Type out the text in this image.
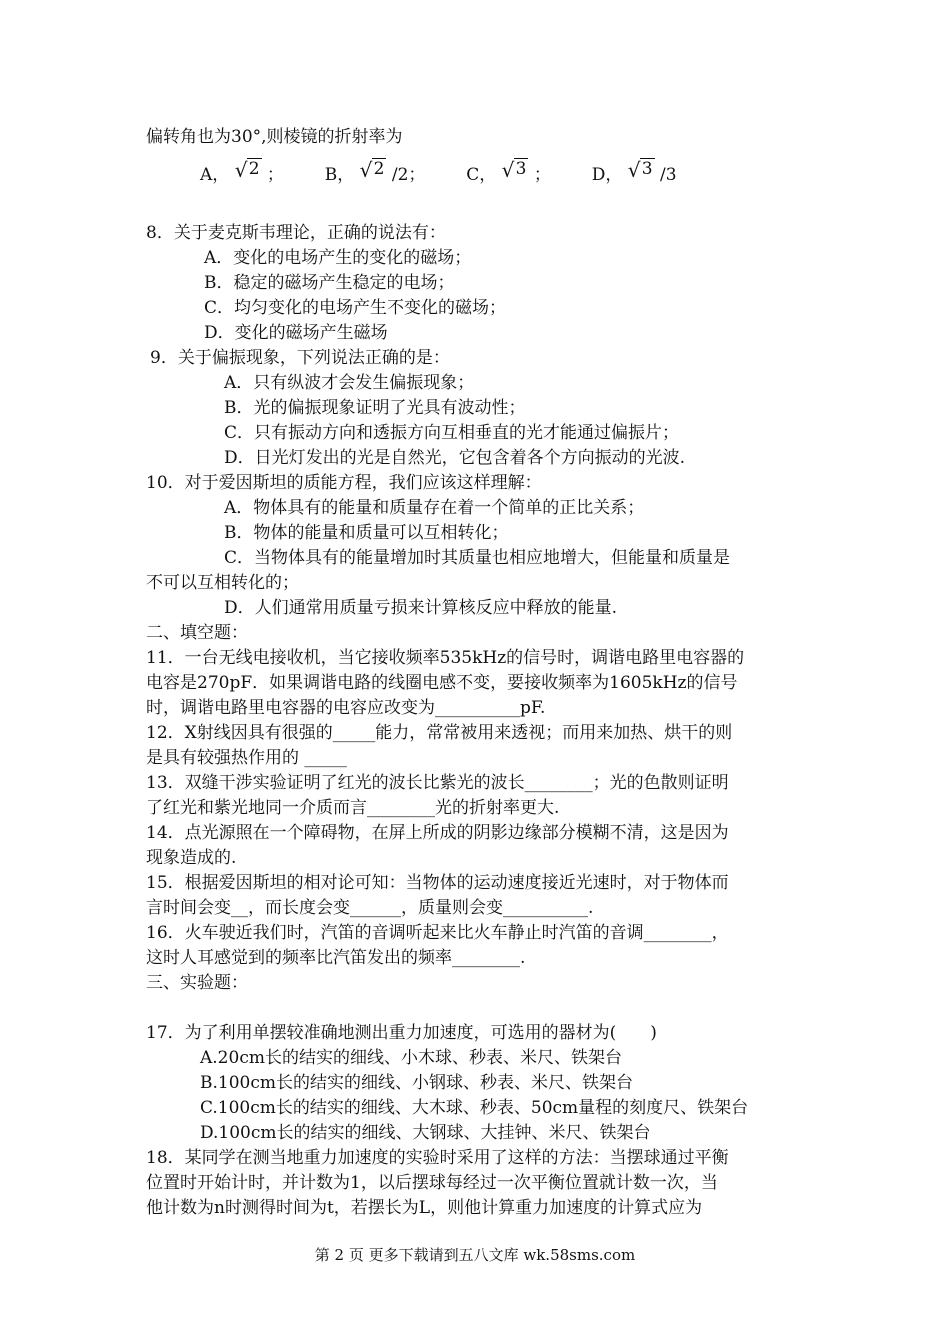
偏转角也为30°,则棱镜的折射率为
A， √ 2 ； B， √ 2 /2； C， √ 3 ； D， √ 3 /3
8．关于麦克斯韦理论，正确的说法有：
A．变化的电场产生的变化的磁场；
B．稳定的磁场产生稳定的电场；
C．均匀变化的电场产生不变化的磁场；
D．变化的磁场产生磁场
9．关于偏振现象，下列说法正确的是：
A．只有纵波才会发生偏振现象；
B．光的偏振现象证明了光具有波动性；
C．只有振动方向和透振方向互相垂直的光才能通过偏振片；
D．日光灯发出的光是自然光，它包含着各个方向振动的光波.
10．对于爱因斯坦的质能方程，我们应该这样理解：
A．物体具有的能量和质量存在着一个简单的正比关系；
B．物体的能量和质量可以互相转化；
C．当物体具有的能量增加时其质量也相应地增大，但能量和质量是
不可以互相转化的；
D．人们通常用质量亏损来计算核反应中释放的能量.
二、填空题：
11．一台无线电接收机，当它接收频率535kHz的信号时，调谐电路里电容器的
电容是270pF．如果调谐电路的线圈电感不变，要接收频率为1605kHz的信号
时，调谐电路里电容器的电容应改变为__________pF.
12．X射线因具有很强的_____能力，常常被用来透视；而用来加热、烘干的则
是具有较强热作用的 _____
13．双缝干涉实验证明了红光的波长比紫光的波长________；光的色散则证明
了红光和紫光地同一介质而言________光的折射率更大.
14．点光源照在一个障碍物，在屏上所成的阴影边缘部分模糊不清，这是因为
现象造成的.
15．根据爱因斯坦的相对论可知：当物体的运动速度接近光速时，对于物体而
言时间会变__，而长度会变______，质量则会变__________.
16．火车驶近我们时，汽笛的音调听起来比火车静止时汽笛的音调________，
这时人耳感觉到的频率比汽笛发出的频率________.
三、实验题：
17．为了利用单摆较准确地测出重力加速度，可选用的器材为(　　)
A.20cm长的结实的细线、小木球、秒表、米尺、铁架台
B.100cm长的结实的细线、小钢球、秒表、米尺、铁架台
C.100cm长的结实的细线、大木球、秒表、50cm量程的刻度尺、铁架台
D.100cm长的结实的细线、大钢球、大挂钟、米尺、铁架台
18．某同学在测当地重力加速度的实验时采用了这样的方法：当摆球通过平衡
位置时开始计时，并计数为1，以后摆球每经过一次平衡位置就计数一次，当
他计数为n时测得时间为t，若摆长为L，则他计算重力加速度的计算式应为
第 2 页 更多下载请到五八文库 wk.58sms.com
